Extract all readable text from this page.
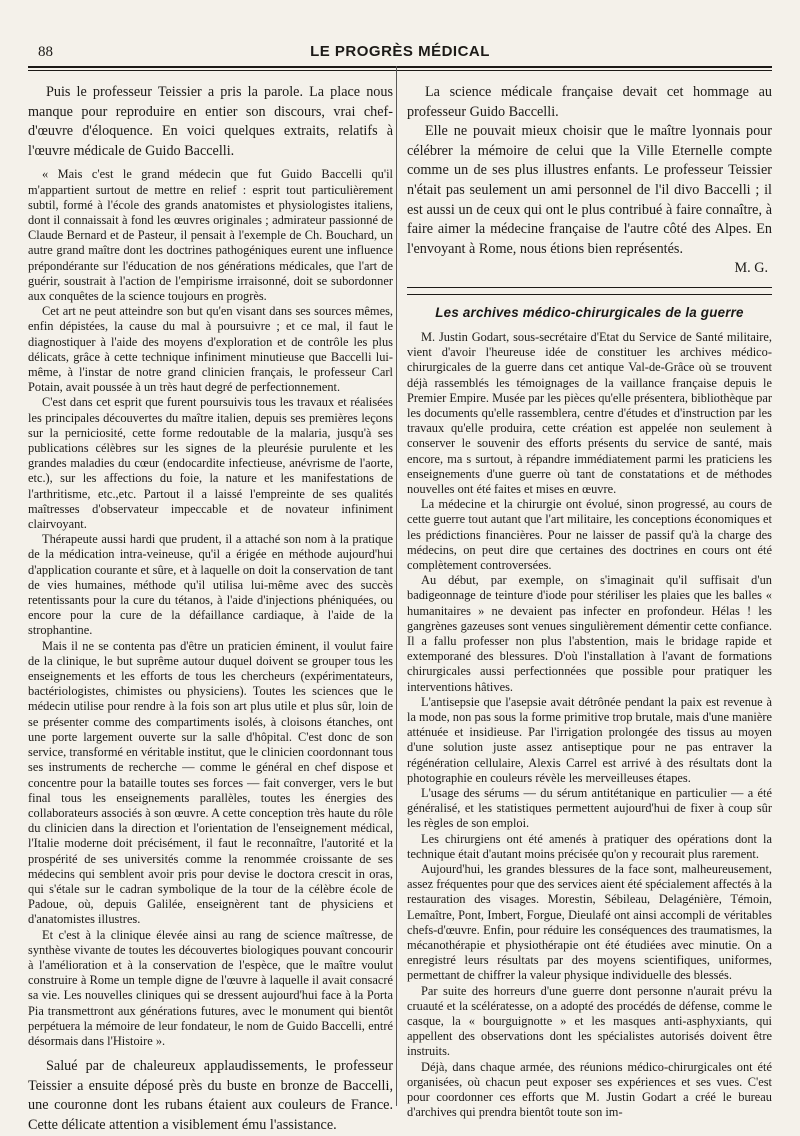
88	LE PROGRÈS MÉDICAL

Puis le professeur Teissier a pris la parole. La place nous manque pour reproduire en entier son discours, vrai chef-d'œuvre d'éloquence. En voici quelques extraits, relatifs à l'œuvre médicale de Guido Baccelli.

« Mais c'est le grand médecin que fut Guido Baccelli qu'il m'appartient surtout de mettre en relief : esprit tout particulièrement subtil, formé à l'école des grands anatomistes et physiologistes italiens, dont il connaissait à fond les œuvres originales ; admirateur passionné de Claude Bernard et de Pasteur, il pensait à l'exemple de Ch. Bouchard, un autre grand maître dont les doctrines pathogéniques eurent une influence prépondérante sur l'éducation de nos générations médicales, que l'art de guérir, soustrait à l'action de l'empirisme irraisonné, doit se subordonner aux conquêtes de la science toujours en progrès.

Cet art ne peut atteindre son but qu'en visant dans ses sources mêmes, enfin dépistées, la cause du mal à poursuivre ; et ce mal, il faut le diagnostiquer à l'aide des moyens d'exploration et de contrôle les plus délicats, grâce à cette technique infiniment minutieuse que Baccelli lui-même, à l'instar de notre grand clinicien français, le professeur Carl Potain, avait poussée à un très haut degré de perfectionnement.

C'est dans cet esprit que furent poursuivis tous les travaux et réalisées les principales découvertes du maître italien, depuis ses premières leçons sur la perniciosité, cette forme redoutable de la malaria, jusqu'à ses publications célèbres sur les signes de la pleurésie purulente et les grandes maladies du cœur (endocardite infectieuse, anévrisme de l'aorte, etc.), sur les affections du foie, la nature et les manifestations de l'arthritisme, etc.,etc. Partout il a laissé l'empreinte de ses qualités maîtresses d'observateur impeccable et de novateur infiniment clairvoyant.

Thérapeute aussi hardi que prudent, il a attaché son nom à la pratique de la médication intra-veineuse, qu'il a érigée en méthode aujourd'hui d'application courante et sûre, et à laquelle on doit la conservation de tant de vies humaines, méthode qu'il utilisa lui-même avec des succès retentissants pour la cure du tétanos, à l'aide d'injections phéniquées, ou encore pour la cure de la défaillance cardiaque, à l'aide de la strophantine.

Mais il ne se contenta pas d'être un praticien éminent, il voulut faire de la clinique, le but suprême autour duquel doivent se grouper tous les enseignements et les efforts de tous les chercheurs (expérimentateurs, bactériologistes, chimistes ou physiciens). Toutes les sciences que le médecin utilise pour rendre à la fois son art plus utile et plus sûr, loin de se présenter comme des compartiments isolés, à cloisons étanches, ont une porte largement ouverte sur la salle d'hôpital. C'est donc de son service, transformé en véritable institut, que le clinicien coordonnant tous ses instruments de recherche — comme le général en chef dispose et concentre pour la bataille toutes ses forces — fait converger, vers le but final tous les enseignements parallèles, toutes les énergies des collaborateurs associés à son œuvre. A cette conception très haute du rôle du clinicien dans la direction et l'orientation de l'enseignement médical, l'Italie moderne doit précisément, il faut le reconnaître, l'autorité et la prospérité de ses universités comme la renommée croissante de ses médecins qui semblent avoir pris pour devise le doctora crescit in oras, qui s'étale sur le cadran symbolique de la tour de la célèbre école de Padoue, où, depuis Galilée, enseignèrent tant de physiciens et d'anatomistes illustres.

Et c'est à la clinique élevée ainsi au rang de science maîtresse, de synthèse vivante de toutes les découvertes biologiques pouvant concourir à l'amélioration et à la conservation de l'espèce, que le maître voulut construire à Rome un temple digne de l'œuvre à laquelle il avait consacré sa vie. Les nouvelles cliniques qui se dressent aujourd'hui face à la Porta Pia transmettront aux générations futures, avec le monument qui bientôt perpétuera la mémoire de leur fondateur, le nom de Guido Baccelli, entré désormais dans l'Histoire ».

Salué par de chaleureux applaudissements, le professeur Teissier a ensuite déposé près du buste en bronze de Baccelli, une couronne dont les rubans étaient aux couleurs de France. Cette délicate attention a visiblement ému l'assistance.

La science médicale française devait cet hommage au professeur Guido Baccelli.

Elle ne pouvait mieux choisir que le maître lyonnais pour célébrer la mémoire de celui que la Ville Eternelle compte comme un de ses plus illustres enfants. Le professeur Teissier n'était pas seulement un ami personnel de l'il divo Baccelli ; il est aussi un de ceux qui ont le plus contribué à faire connaître, à faire aimer la médecine française de l'autre côté des Alpes. En l'envoyant à Rome, nous étions bien représentés.

M. G.

Les archives médico-chirurgicales de la guerre

M. Justin Godart, sous-secrétaire d'Etat du Service de Santé militaire, vient d'avoir l'heureuse idée de constituer les archives médico-chirurgicales de la guerre dans cet antique Val-de-Grâce où se trouvent déjà rassemblés les témoignages de la vaillance française depuis le Premier Empire. Musée par les pièces qu'elle présentera, bibliothèque par les documents qu'elle rassemblera, centre d'études et d'instruction par les travaux qu'elle produira, cette création est appelée non seulement à conserver le souvenir des efforts présents du service de santé, mais encore, ma s surtout, à répandre immédiatement parmi les praticiens les enseignements d'une guerre où tant de constatations et de méthodes nouvelles ont été faites et mises en œuvre.

La médecine et la chirurgie ont évolué, sinon progressé, au cours de cette guerre tout autant que l'art militaire, les conceptions économiques et les prédictions financières. Pour ne laisser de passif qu'à la charge des médecins, on peut dire que certaines des doctrines en cours ont été complètement controversées.

Au début, par exemple, on s'imaginait qu'il suffisait d'un badigeonnage de teinture d'iode pour stériliser les plaies que les balles « humanitaires » ne devaient pas infecter en profondeur. Hélas ! les gangrènes gazeuses sont venues singulièrement démentir cette confiance. Il a fallu professer non plus l'abstention, mais le bridage rapide et extemporané des blessures. D'où l'installation à l'avant de formations chirurgicales aussi perfectionnées que possible pour pratiquer les interventions hâtives.

L'antisepsie que l'asepsie avait détrônée pendant la paix est revenue à la mode, non pas sous la forme primitive trop brutale, mais d'une manière atténuée et insidieuse. Par l'irrigation prolongée des tissus au moyen d'une solution juste assez antiseptique pour ne pas entraver la régénération cellulaire, Alexis Carrel est arrivé à des résultats dont la photographie en couleurs révèle les merveilleuses étapes.

L'usage des sérums — du sérum antitétanique en particulier — a été généralisé, et les statistiques permettent aujourd'hui de fixer à coup sûr les règles de son emploi.

Les chirurgiens ont été amenés à pratiquer des opérations dont la technique était d'autant moins précisée qu'on y recourait plus rarement.

Aujourd'hui, les grandes blessures de la face sont, malheureusement, assez fréquentes pour que des services aient été spécialement affectés à la restauration des visages. Morestin, Sébileau, Delagénière, Témoin, Lemaître, Pont, Imbert, Forgue, Dieulafé ont ainsi accompli de véritables chefs-d'œuvre. Enfin, pour réduire les conséquences des traumatismes, la mécanothérapie et physiothérapie ont été étudiées avec minutie. On a enregistré leurs résultats par des moyens scientifiques, uniformes, permettant de chiffrer la valeur physique individuelle des blessés.

Par suite des horreurs d'une guerre dont personne n'aurait prévu la cruauté et la scélératesse, on a adopté des procédés de défense, comme le casque, la « bourguignotte » et les masques anti-asphyxiants, qui appellent des observations dont les spécialistes autorisés doivent être instruits.

Déjà, dans chaque armée, des réunions médico-chirurgicales ont été organisées, où chacun peut exposer ses expériences et ses vues. C'est pour coordonner ces efforts que M. Justin Godart a créé le bureau d'archives qui prendra bientôt toute son im-
